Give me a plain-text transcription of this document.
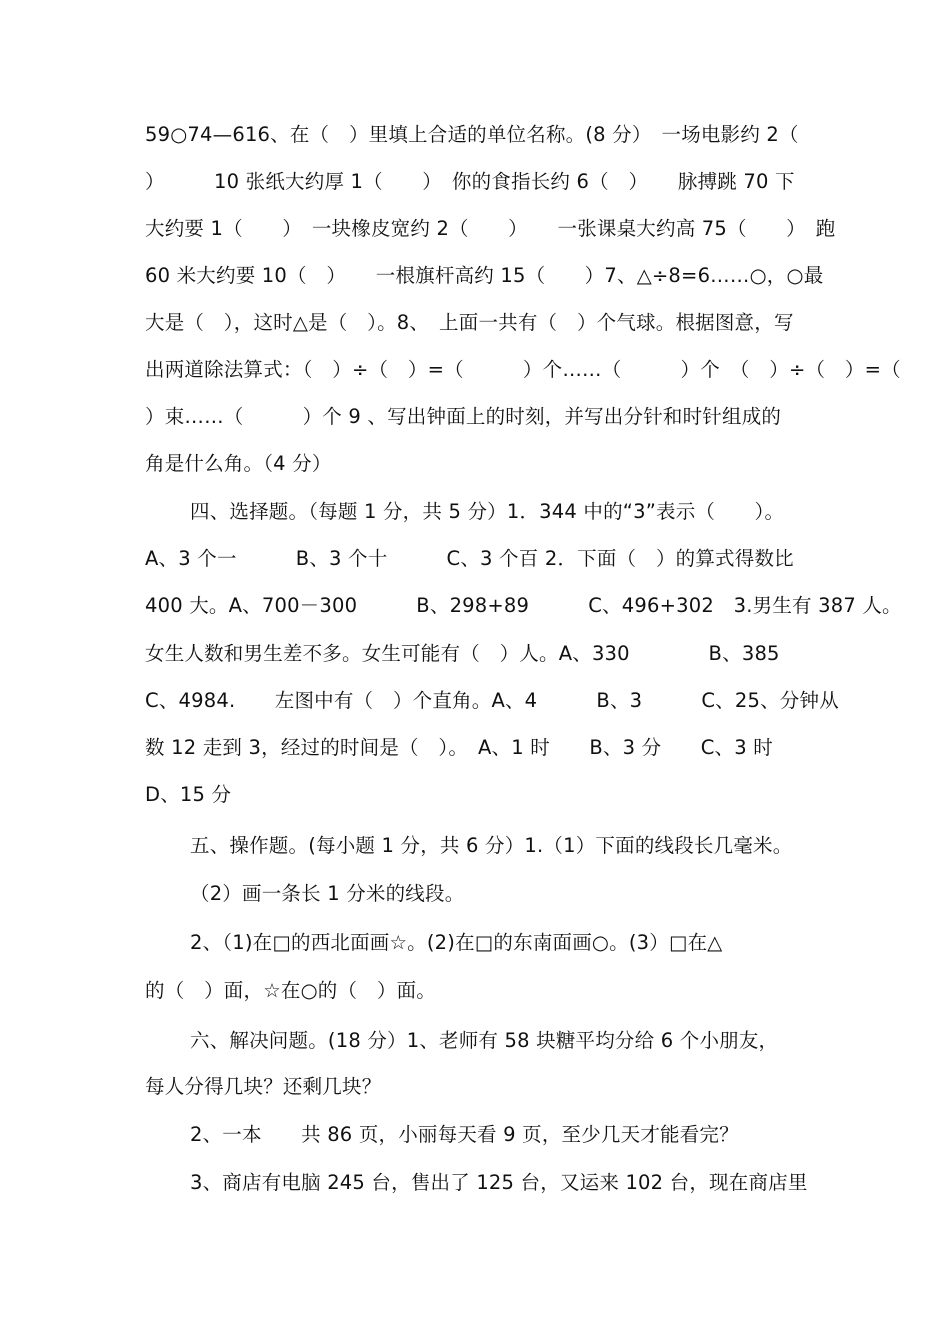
59○74—616、在（　）里填上合适的单位名称。(8 分）　一场电影约 2（
）　　　10 张纸大约厚 1（　　）　你的食指长约 6（　）　　脉搏跳 70 下
大约要 1（　　）　一块橡皮宽约 2（　　）　　一张课桌大约高 75（　　）　跑
60 米大约要 10（　）　　一根旗杆高约 15（　　）7、△÷8=6……○，○最
大是（　），这时△是（　）。8、　上面一共有（　）个气球。根据图意，写
出两道除法算式：（　）÷（　）=（　　　）个……（　　　）个　（　）÷（　）=（
）束……（　　　）个 9 、写出钟面上的时刻，并写出分针和时针组成的
角是什么角。（4 分）
四、选择题。（每题 1 分，共 5 分）1．344 中的“3”表示（　　）。
A、3 个一　　　B、3 个十　　　C、3 个百 2．下面（　）的算式得数比
400 大。A、700－300　　　B、298+89　　　C、496+302　3.男生有 387 人。
女生人数和男生差不多。女生可能有（　）人。A、330　　　　B、385
C、4984.　　左图中有（　）个直角。A、4　　　B、3　　　C、25、分钟从
数 12 走到 3，经过的时间是（　）。　A、1 时　　B、3 分　　C、3 时
D、15 分
五、操作题。(每小题 1 分，共 6 分）1.（1）下面的线段长几毫米。
（2）画一条长 1 分米的线段。
2、（1)在□的西北面画☆。(2)在□的东南面画○。(3）□在△
的（　）面，☆在○的（　）面。
六、解决问题。(18 分）1、老师有 58 块糖平均分给 6 个小朋友，
每人分得几块？还剩几块？
2、一本　　共 86 页，小丽每天看 9 页，至少几天才能看完？
3、商店有电脑 245 台，售出了 125 台，又运来 102 台，现在商店里
